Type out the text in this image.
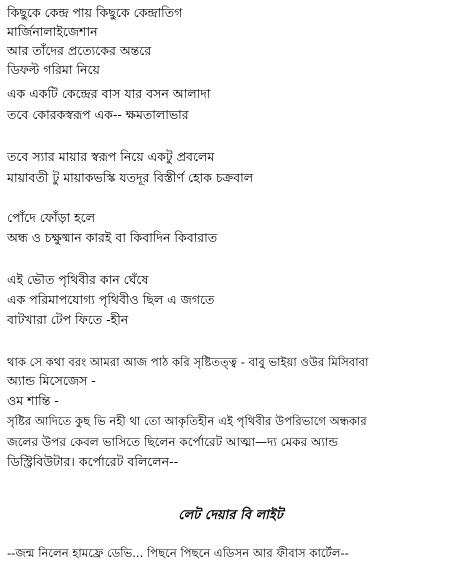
কিছুকে কেন্দ্র পায় কিছুকে কেন্দ্রাতিগ
মার্জিনালাইজেশান
আর তাঁদের প্রত্যেকের অন্তরে
ডিফল্ট গরিমা নিয়ে
এক একটি কেন্দ্রের বাস যার বসন আলাদা
তবে কোরকস্বরূপ এক-- ক্ষমতালাভার
তবে স্যার মায়ার স্বরূপ নিয়ে একটু প্রবলেম
মায়াবতী টু মায়াকভস্কি যতদূর বিস্তীর্ণ হোক চক্রবাল
পোঁদে ফোঁড়া হলে
অন্ধ ও চক্ষুষ্মান কারই বা কিবাদিন কিবারাত
এই ভৌত পৃথিবীর কান ঘেঁষে
এক পরিমাপযোগ্য পৃথিবীও ছিল এ জগতে
বাটখারা টেপ ফিতে -হীন
থাক সে কথা বরং আমরা আজ পাঠ করি সৃষ্টিতত্ত্ব - বাবু ভাইয়া ওউর মিসিবাবা
অ্যান্ড মিসেজেস -
ওম শান্তি -
সৃষ্টির আদিতে কুছ ভি নহী থা তো আকৃতিহীন এই পৃথিবীর উপরিভাগে অন্ধকার
জলের উপর কেবল ভাসিতে ছিলেন কর্পোরেট আত্মা—দ্য মেকর অ্যান্ড
ডিস্ট্রিবিউটার। কর্পোরেট বলিলেন--
লেট দেয়ার বি লাইট
--জন্ম নিলেন হামফ্রে ডেভি... পিছনে পিছনে এডিসন আর ফীবাস কার্টেল--
